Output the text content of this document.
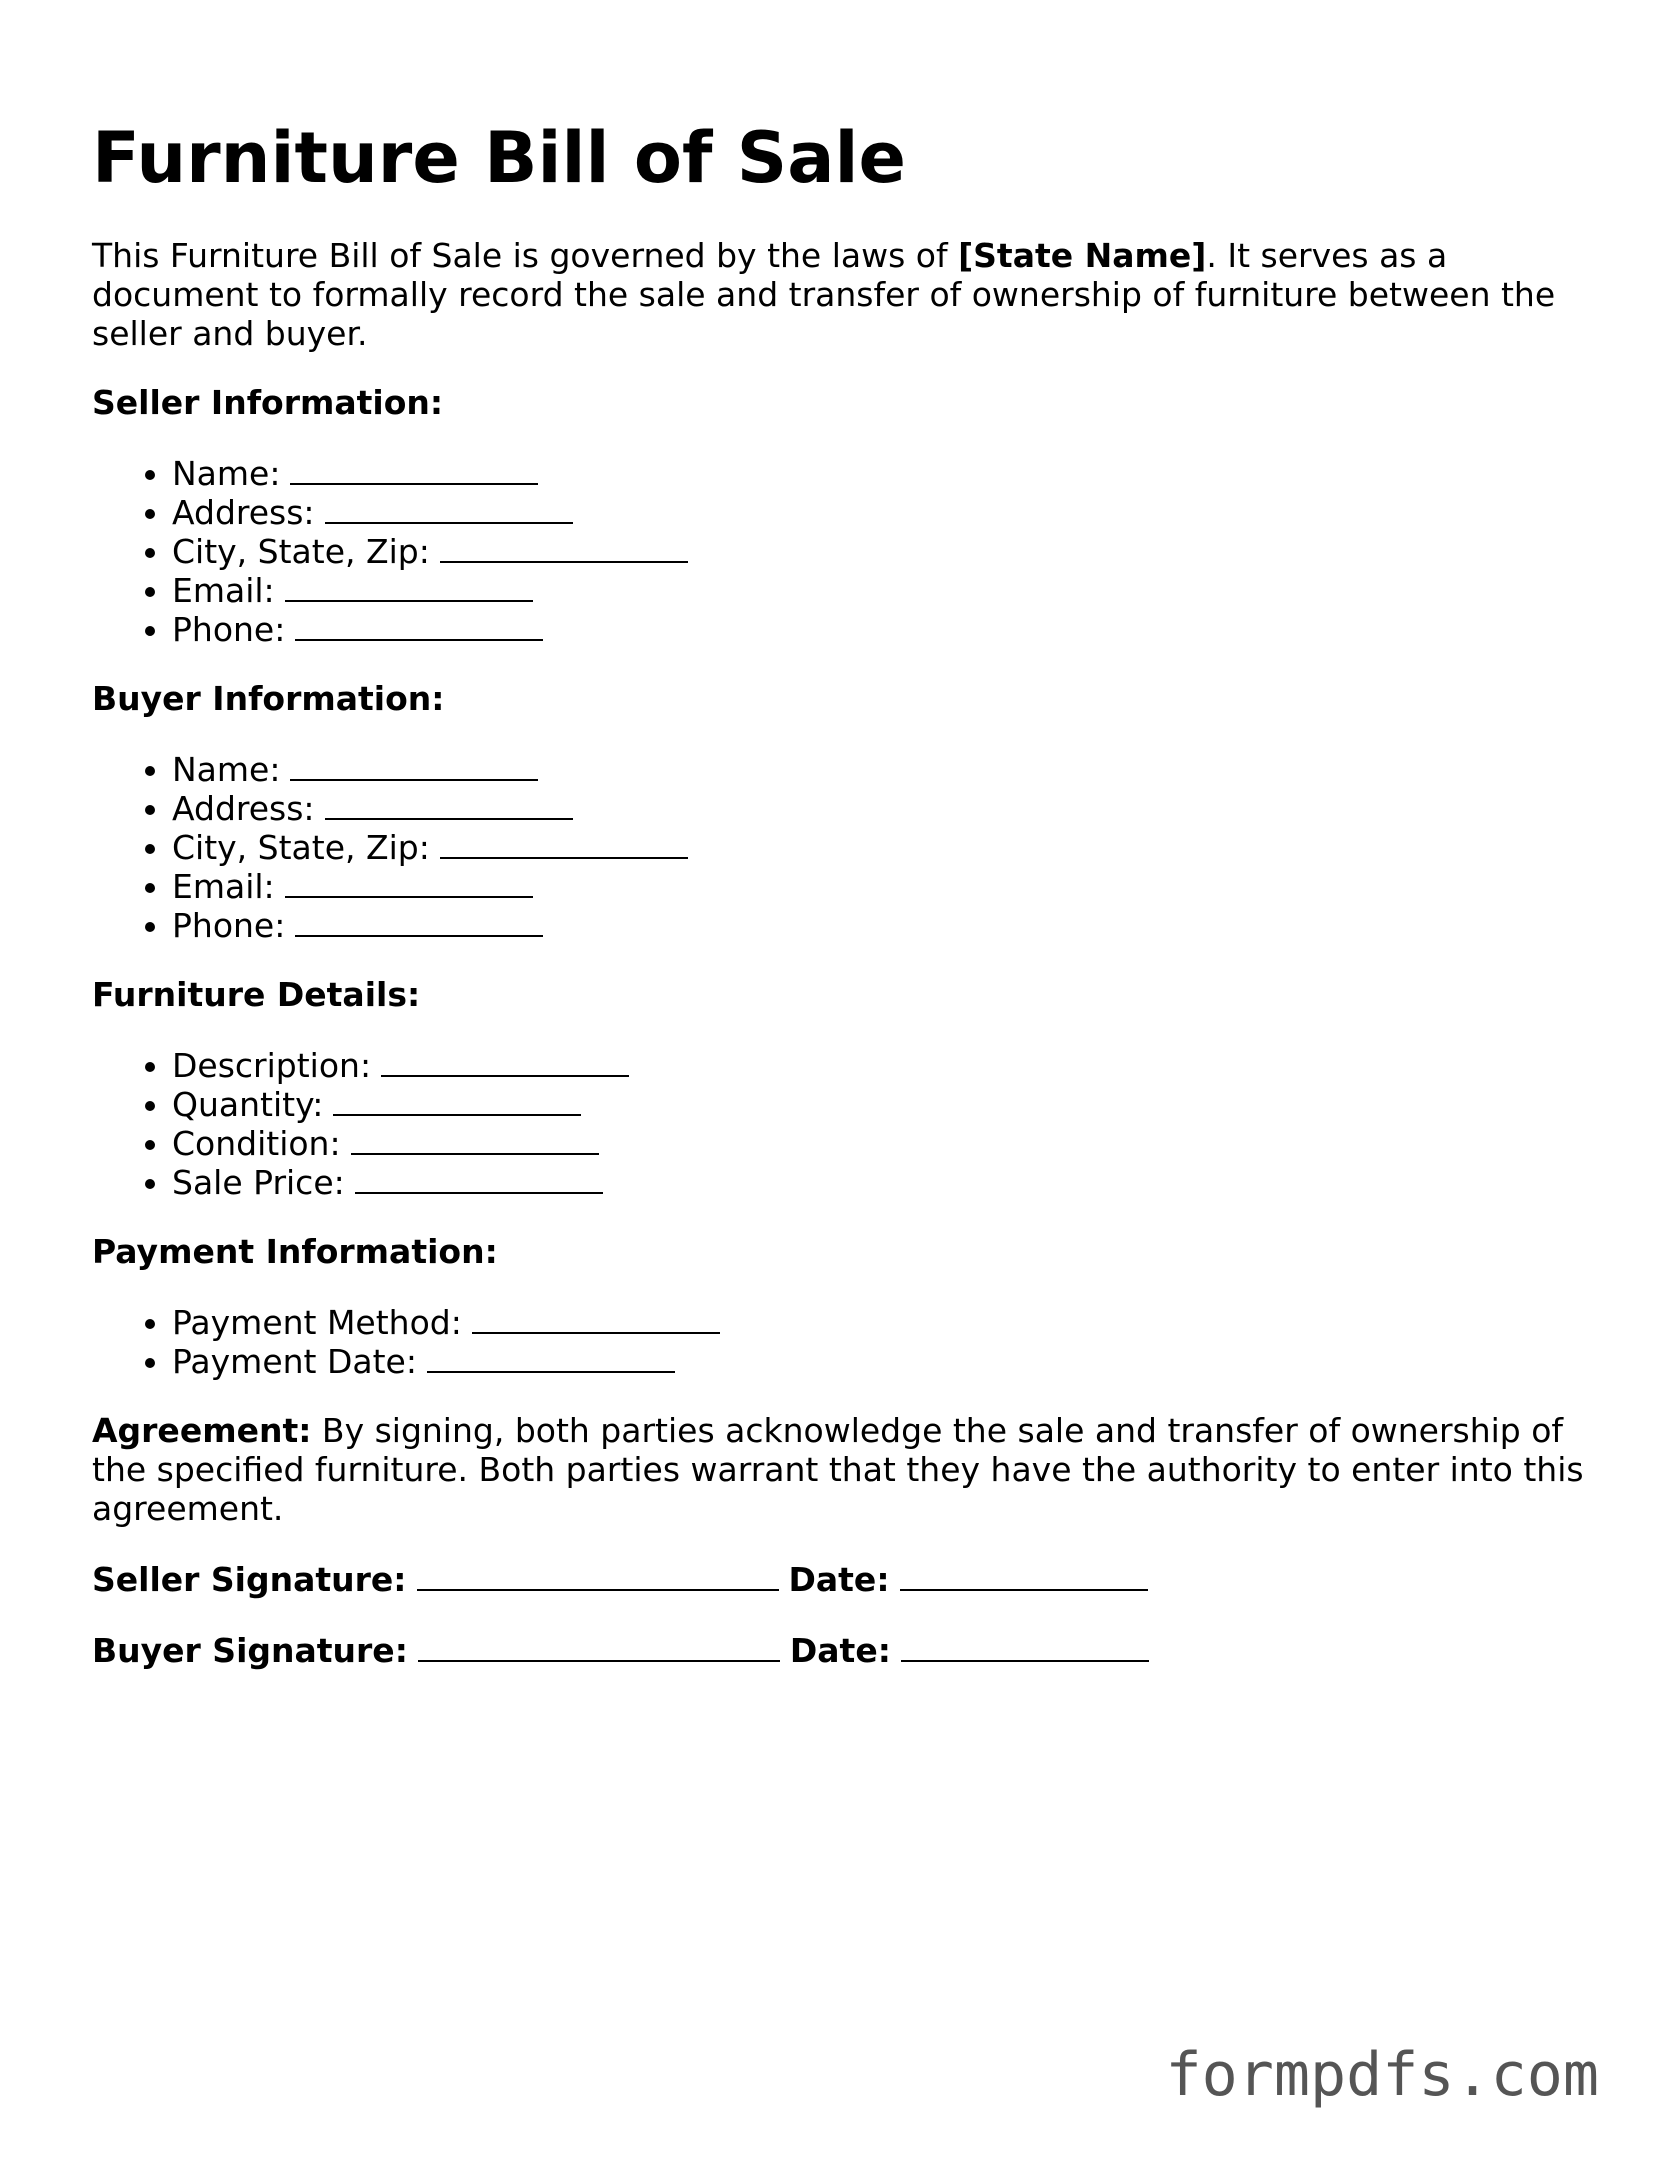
Furniture Bill of Sale

This Furniture Bill of Sale is governed by the laws of [State Name]. It serves as a document to formally record the sale and transfer of ownership of furniture between the seller and buyer.

Seller Information:

• Name:
• Address:
• City, State, Zip:
• Email:
• Phone:

Buyer Information:

• Name:
• Address:
• City, State, Zip:
• Email:
• Phone:

Furniture Details:

• Description:
• Quantity:
• Condition:
• Sale Price:

Payment Information:

• Payment Method:
• Payment Date:

Agreement: By signing, both parties acknowledge the sale and transfer of ownership of the specified furniture. Both parties warrant that they have the authority to enter into this agreement.

Seller Signature:	Date:

Buyer Signature:	Date:

formpdfs.com
